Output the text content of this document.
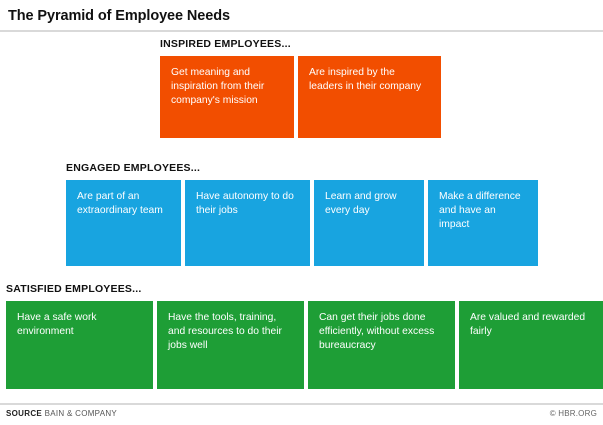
The Pyramid of Employee Needs
INSPIRED EMPLOYEES...
Get meaning and inspiration from their company's mission
Are inspired by the leaders in their company
ENGAGED EMPLOYEES...
Are part of an extraordinary team
Have autonomy to do their jobs
Learn and grow every day
Make a difference and have an impact
SATISFIED EMPLOYEES...
Have a safe work environment
Have the tools, training, and resources to do their jobs well
Can get their jobs done efficiently, without excess bureaucracy
Are valued and rewarded fairly
SOURCE BAIN & COMPANY	© HBR.ORG
